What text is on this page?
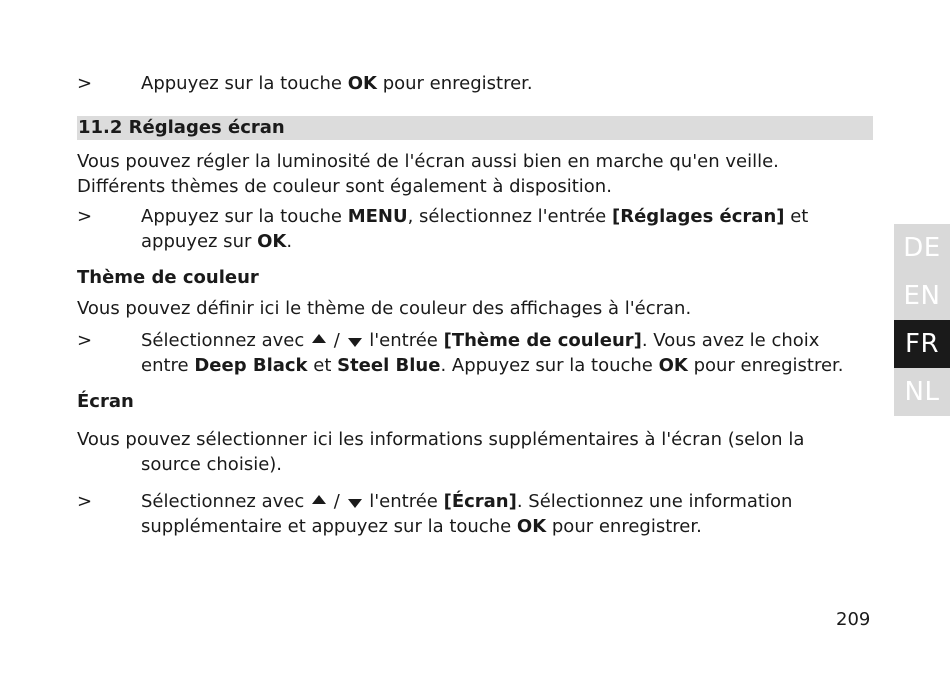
>	Appuyez sur la touche OK pour enregistrer.
11.2 Réglages écran
Vous pouvez régler la luminosité de l'écran aussi bien en marche qu'en veille.
Différents thèmes de couleur sont également à disposition.
>	Appuyez sur la touche MENU, sélectionnez l'entrée [Réglages écran] et
appuyez sur OK.
Thème de couleur
Vous pouvez définir ici le thème de couleur des affichages à l'écran.
>	Sélectionnez avec  /  l'entrée [Thème de couleur]. Vous avez le choix
entre Deep Black et Steel Blue. Appuyez sur la touche OK pour enregistrer.
Écran
Vous pouvez sélectionner ici les informations supplémentaires à l'écran (selon la
source choisie).
>	Sélectionnez avec  /  l'entrée [Écran]. Sélectionnez une information
supplémentaire et appuyez sur la touche OK pour enregistrer.
DE
EN
FR
NL
209
